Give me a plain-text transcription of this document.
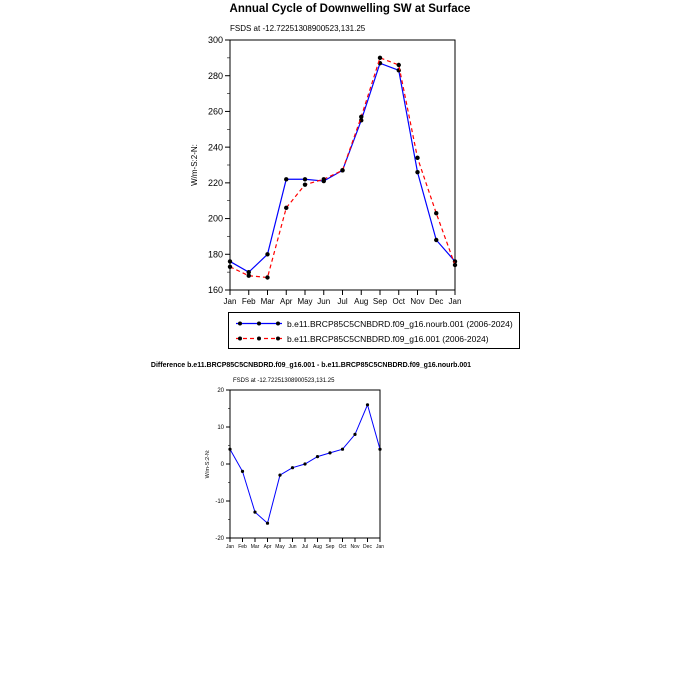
Annual Cycle of Downwelling SW at Surface
FSDS at -12.72251308900523,131.25
160
180
200
220
240
260
280
300
Jan Feb Mar Apr May Jun Jul Aug Sep Oct Nov Dec Jan
W/m-S:2-N:
-20
-10
0
10
20
Jan Feb Mar Apr May Jun Jul Aug Sep Oct Nov Dec Jan
W/m-S:2-N:
b.e11.BRCP85C5CNBDRD.f09_g16.nourb.001 (2006-2024)
b.e11.BRCP85C5CNBDRD.f09_g16.001 (2006-2024)
Difference b.e11.BRCP85C5CNBDRD.f09_g16.001 - b.e11.BRCP85C5CNBDRD.f09_g16.nourb.001
FSDS at -12.72251308900523,131.25
